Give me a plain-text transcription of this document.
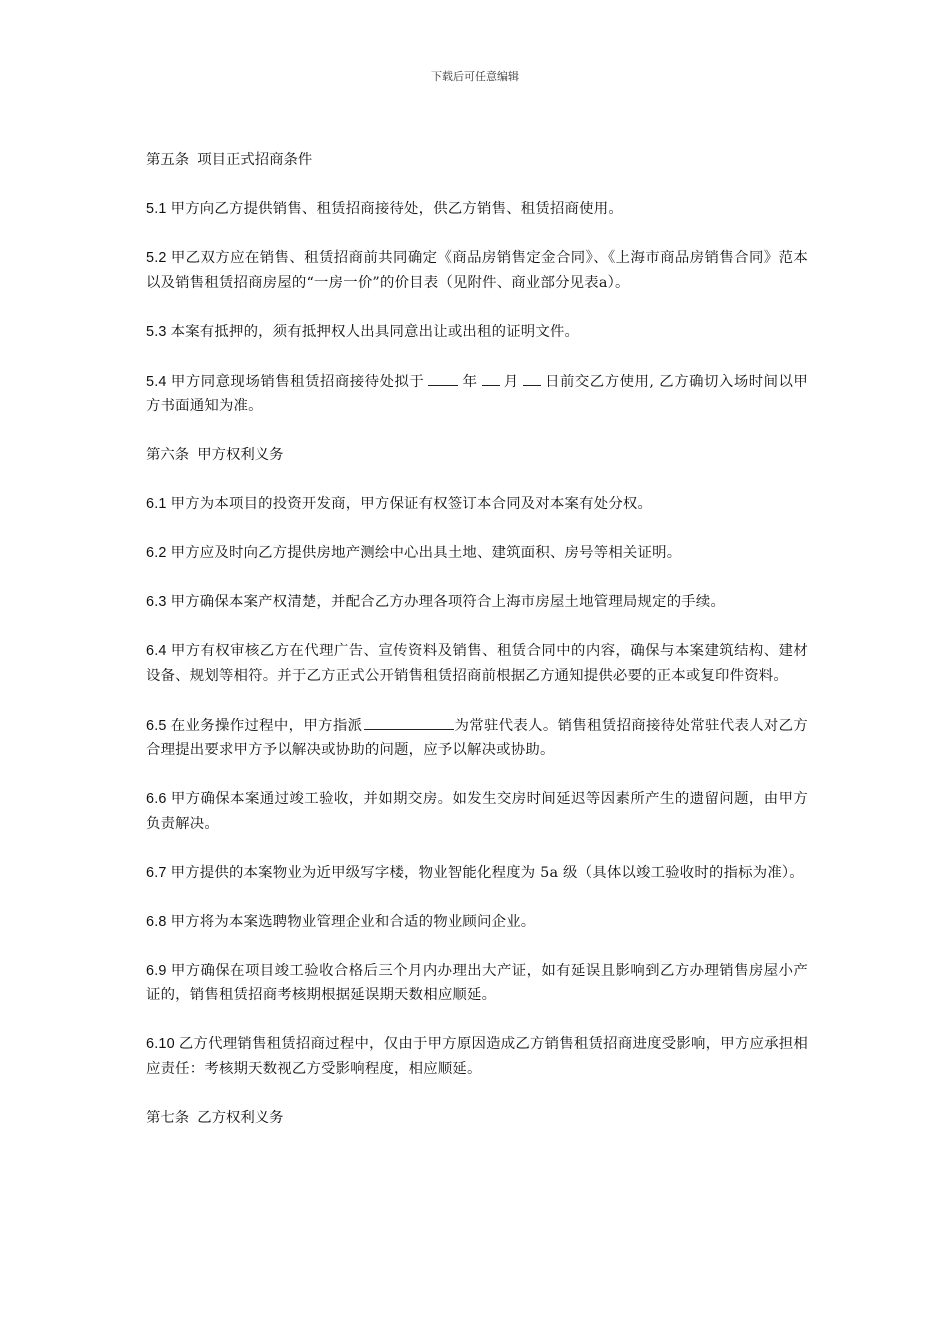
下载后可任意编辑

第五条 项目正式招商条件

5.1 甲方向乙方提供销售、租赁招商接待处，供乙方销售、租赁招商使用。

5.2 甲乙双方应在销售、租赁招商前共同确定《商品房销售定金合同》、《上海市商品房销售合同》范本以及销售租赁招商房屋的“一房一价”的价目表（见附件、商业部分见表a）。

5.3 本案有抵押的，须有抵押权人出具同意出让或出租的证明文件。

5.4 甲方同意现场销售租赁招商接待处拟于	年 月 日前交乙方使用, 乙方确切入场时间以甲方书面通知为准。

第六条 甲方权利义务

6.1 甲方为本项目的投资开发商，甲方保证有权签订本合同及对本案有处分权。

6.2 甲方应及时向乙方提供房地产测绘中心出具土地、建筑面积、房号等相关证明。

6.3 甲方确保本案产权清楚，并配合乙方办理各项符合上海市房屋土地管理局规定的手续。

6.4 甲方有权审核乙方在代理广告、宣传资料及销售、租赁合同中的内容，确保与本案建筑结构、建材设备、规划等相符。并于乙方正式公开销售租赁招商前根据乙方通知提供必要的正本或复印件资料。

6.5 在业务操作过程中，甲方指派	为常驻代表人。销售租赁招商接待处常驻代表人对乙方合理提出要求甲方予以解决或协助的问题，应予以解决或协助。

6.6 甲方确保本案通过竣工验收，并如期交房。如发生交房时间延迟等因素所产生的遗留问题，由甲方负责解决。

6.7 甲方提供的本案物业为近甲级写字楼，物业智能化程度为 5a 级（具体以竣工验收时的指标为准）。

6.8 甲方将为本案选聘物业管理企业和合适的物业顾问企业。

6.9 甲方确保在项目竣工验收合格后三个月内办理出大产证，如有延误且影响到乙方办理销售房屋小产证的，销售租赁招商考核期根据延误期天数相应顺延。

6.10 乙方代理销售租赁招商过程中，仅由于甲方原因造成乙方销售租赁招商进度受影响，甲方应承担相应责任：考核期天数视乙方受影响程度，相应顺延。

第七条 乙方权利义务
